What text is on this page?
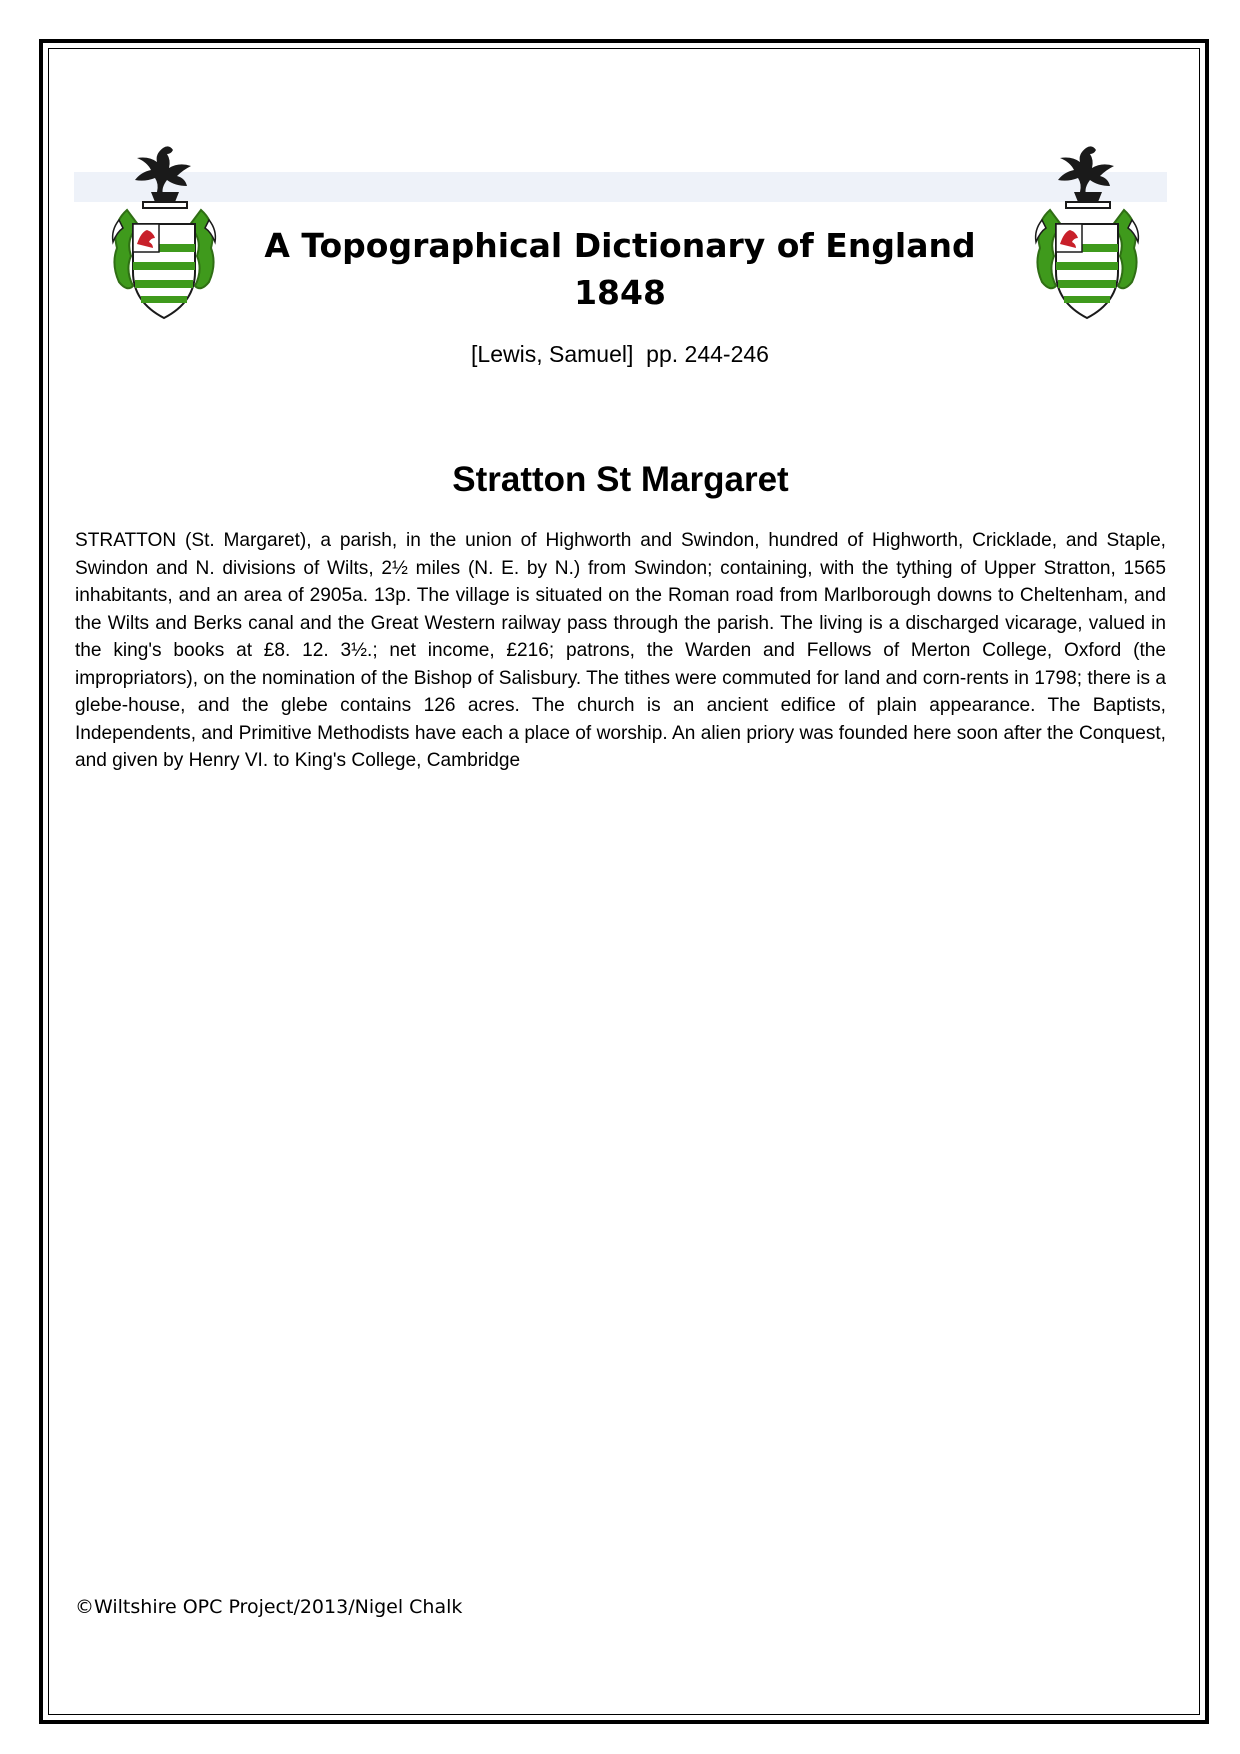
A Topographical Dictionary of England
1848
[Lewis, Samuel]  pp. 244-246
Stratton St Margaret
STRATTON (St. Margaret), a parish, in the union of Highworth and Swindon, hundred of Highworth, Cricklade, and Staple, Swindon and N. divisions of Wilts, 2½ miles (N. E. by N.) from Swindon; containing, with the tything of Upper Stratton, 1565 inhabitants, and an area of 2905a. 13p. The village is situated on the Roman road from Marlborough downs to Cheltenham, and the Wilts and Berks canal and the Great Western railway pass through the parish. The living is a discharged vicarage, valued in the king's books at £8. 12. 3½.; net income, £216; patrons, the Warden and Fellows of Merton College, Oxford (the impropriators), on the nomination of the Bishop of Salisbury. The tithes were commuted for land and corn-rents in 1798; there is a glebe-house, and the glebe contains 126 acres. The church is an ancient edifice of plain appearance. The Baptists, Independents, and Primitive Methodists have each a place of worship. An alien priory was founded here soon after the Conquest, and given by Henry VI. to King's College, Cambridge
©Wiltshire OPC Project/2013/Nigel Chalk
